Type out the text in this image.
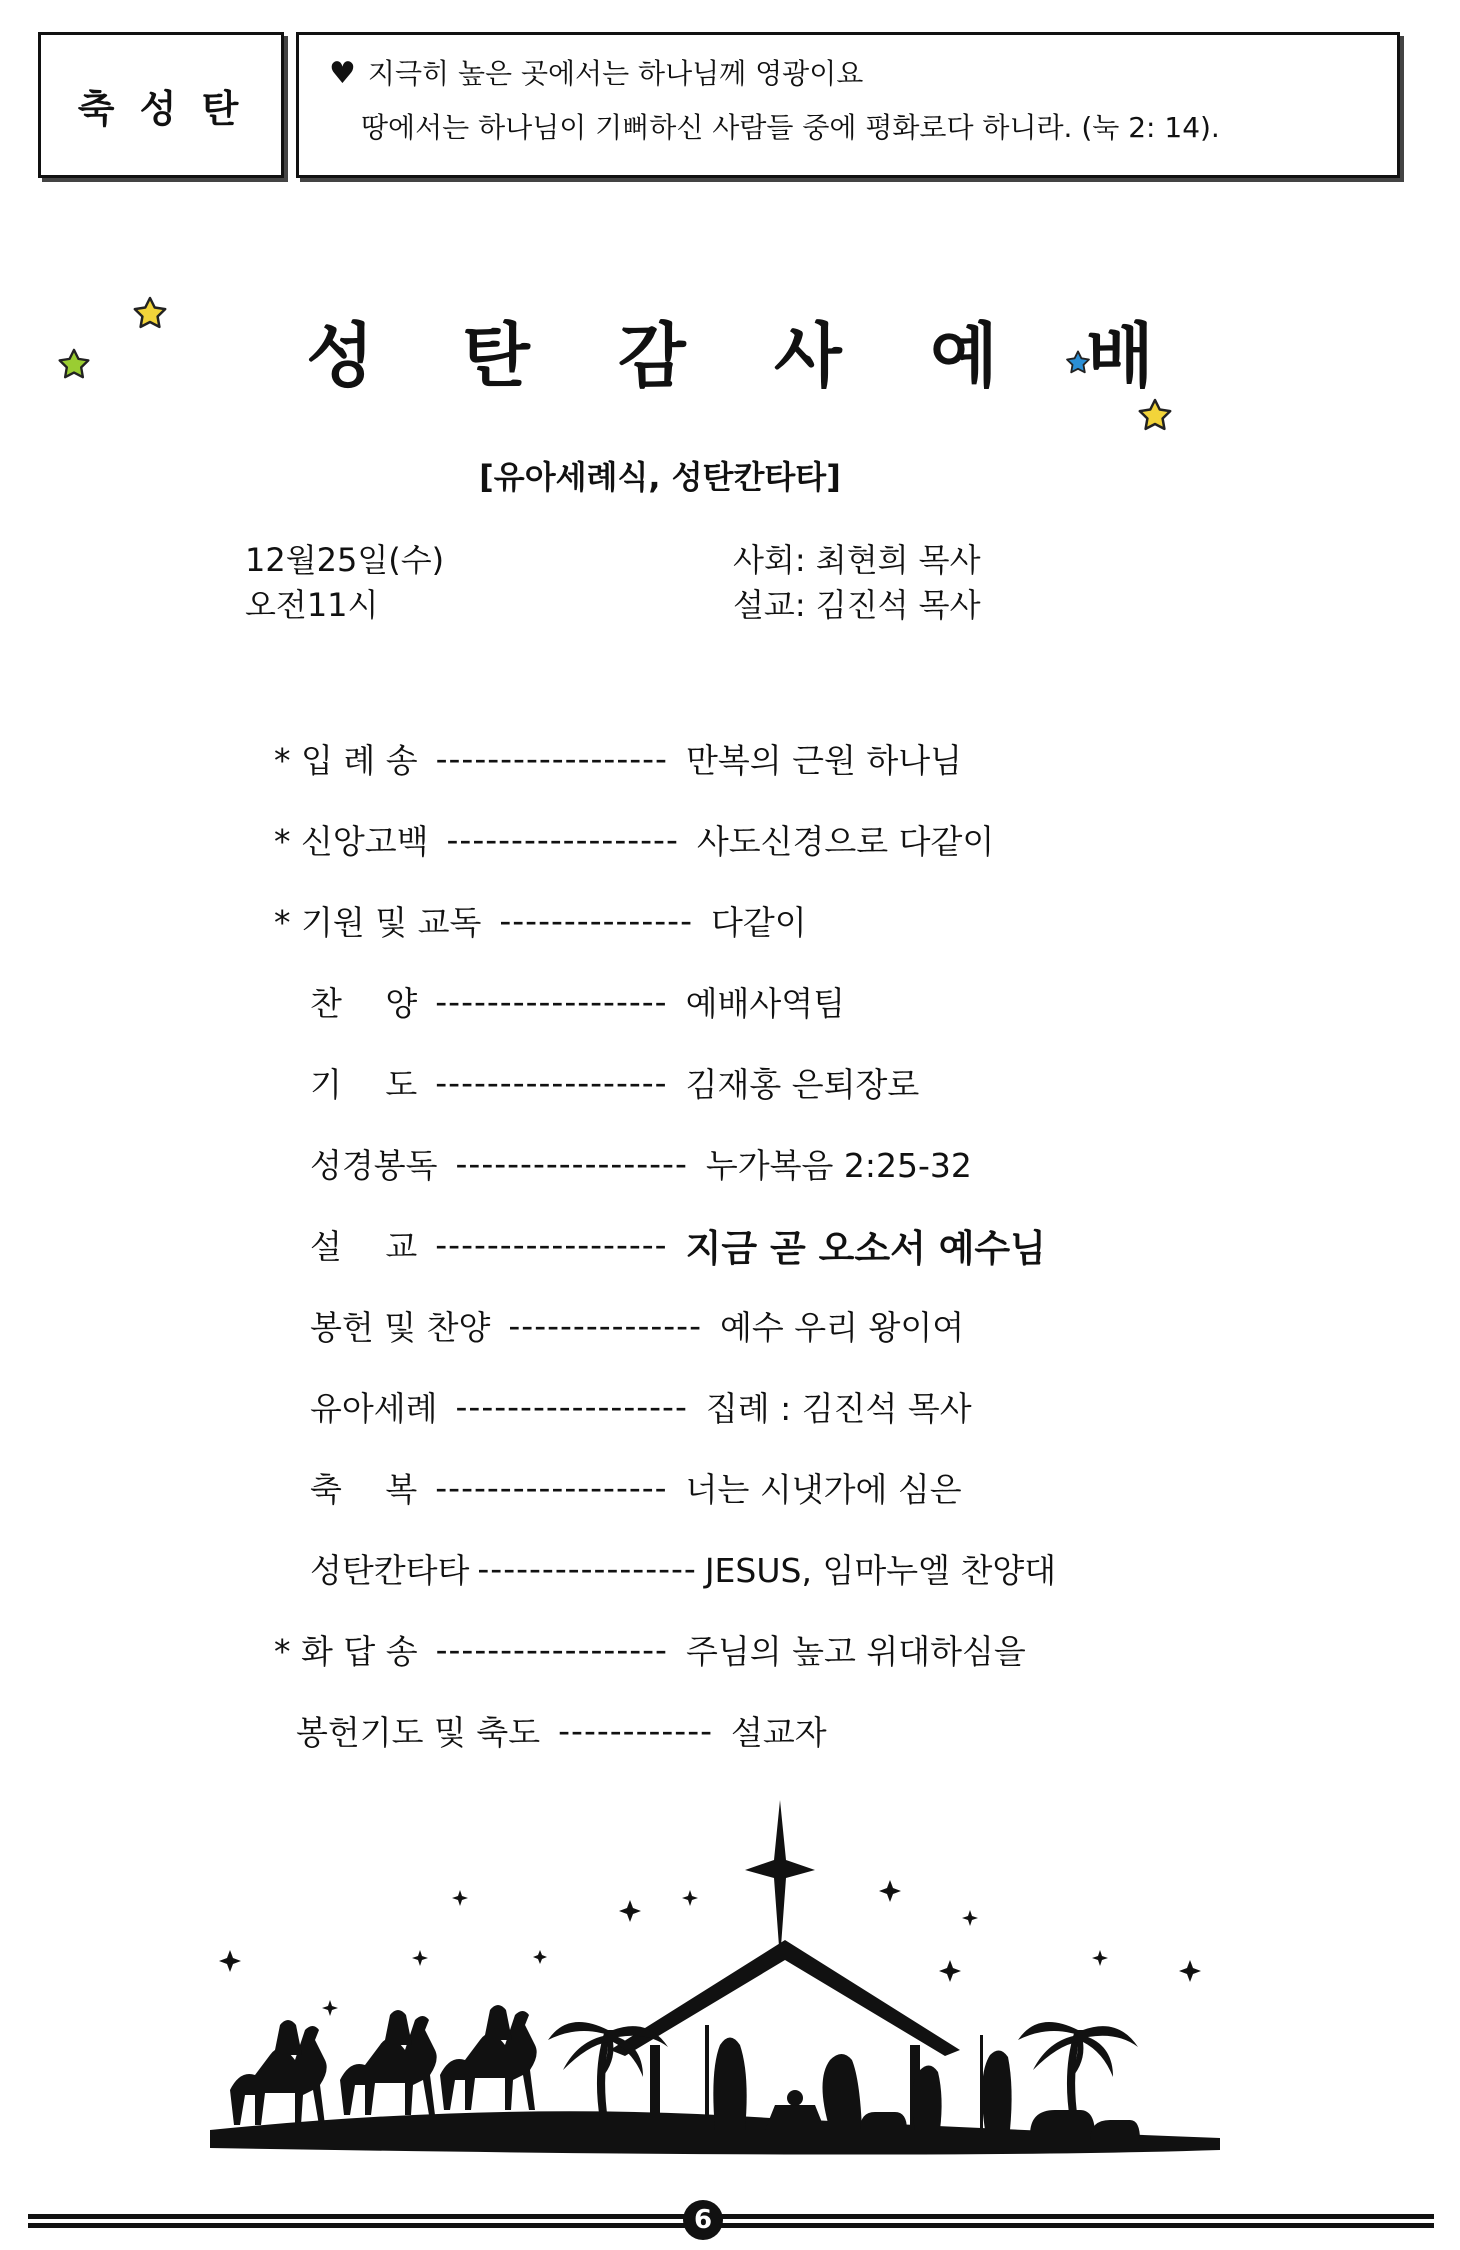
축 성 탄
♥ 지극히 높은 곳에서는 하나님께 영광이요
땅에서는 하나님이 기뻐하신 사람들 중에 평화로다 하니라. (눅 2: 14).
성 탄 감 사 예 배
[유아세례식, 성탄칸타타]
12월25일(수)
오전11시
사회: 최현희 목사
설교: 김진석 목사
* 입 례 송 ------------------ 만복의 근원 하나님
* 신앙고백 ------------------ 사도신경으로 다같이
* 기원 및 교독 --------------- 다같이
찬　 양 ------------------ 예배사역팀
기　 도 ------------------ 김재홍 은퇴장로
성경봉독 ------------------ 누가복음 2:25-32
설　 교 ------------------ 지금 곧 오소서 예수님
봉헌 및 찬양 --------------- 예수 우리 왕이여
유아세례 ------------------ 집례 : 김진석 목사
축　 복 ------------------ 너는 시냇가에 심은
성탄칸타타 ----------------- JESUS, 임마누엘 찬양대
* 화 답 송 ------------------ 주님의 높고 위대하심을
봉헌기도 및 축도 ------------ 설교자
6
